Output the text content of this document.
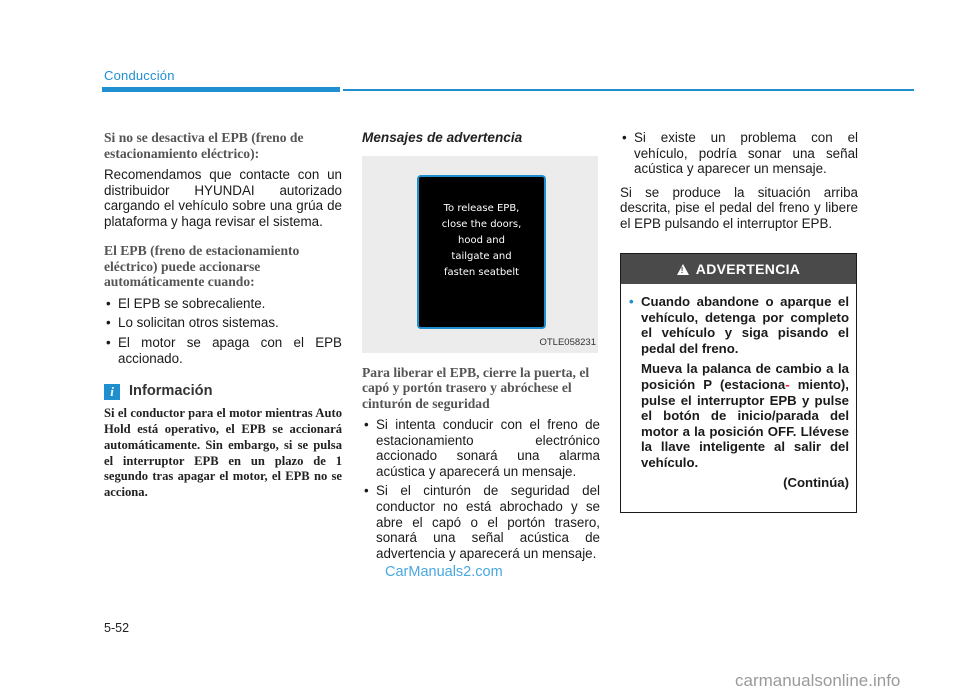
Conducción

Si no se desactiva el EPB (freno de estacionamiento eléctrico):

Recomendamos que contacte con un distribuidor HYUNDAI autorizado cargando el vehículo sobre una grúa de plataforma y haga revisar el sistema.

El EPB (freno de estacionamiento eléctrico) puede accionarse automáticamente cuando:

• El EPB se sobrecaliente.
• Lo solicitan otros sistemas.
• El motor se apaga con el EPB accionado.
i	Información
Si el conductor para el motor mientras Auto Hold está operativo, el EPB se accionará automáticamente. Sin embargo, si se pulsa el interruptor EPB en un plazo de 1 segundo tras apagar el motor, el EPB no se acciona.

Mensajes de advertencia

To release EPB,
close the doors,
hood and
tailgate and
fasten seatbelt
OTLE058231

Para liberar el EPB, cierre la puerta, el capó y portón trasero y abróchese el cinturón de seguridad

• Si intenta conducir con el freno de estacionamiento electrónico accionado sonará una alarma acústica y aparecerá un mensaje.
• Si el cinturón de seguridad del conductor no está abrochado y se abre el capó o el portón trasero, sonará una señal acústica de advertencia y aparecerá un mensaje.
• Si existe un problema con el vehículo, podría sonar una señal acústica y aparecer un mensaje.

Si se produce la situación arriba descrita, pise el pedal del freno y libere el EPB pulsando el interruptor EPB.

! ADVERTENCIA

• Cuando abandone o aparque el vehículo, detenga por completo el vehículo y siga pisando el pedal del freno.

Mueva la palanca de cambio a la posición P (estaciona- miento), pulse el interruptor EPB y pulse el botón de inicio/parada del motor a la posición OFF. Llévese la llave inteligente al salir del vehículo.

(Continúa)
CarManuals2.com
5-52
carmanualsonline.info
